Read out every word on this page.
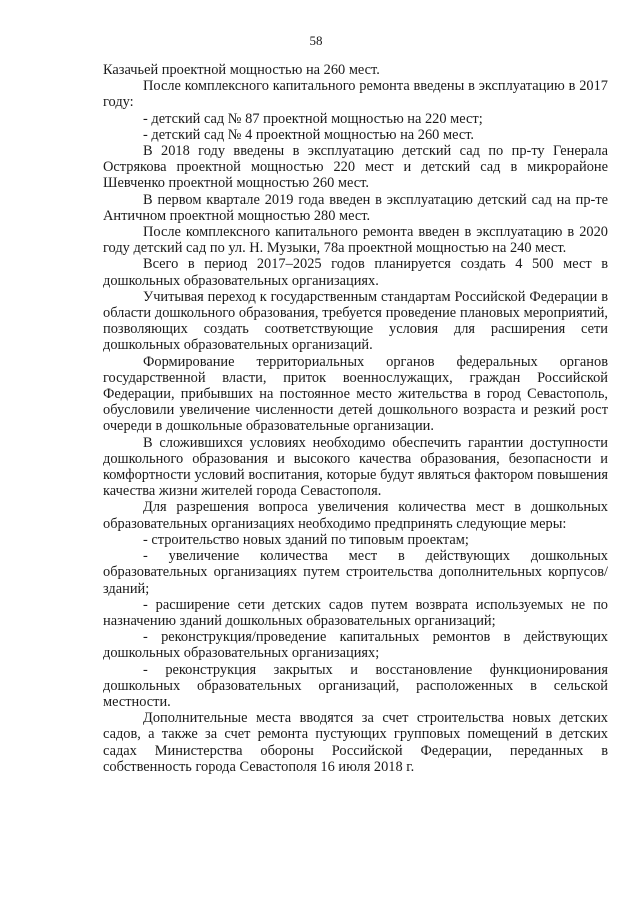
58

Казачьей проектной мощностью на 260 мест.

После комплексного капитального ремонта введены в эксплуатацию в 2017 году:

- детский сад № 87 проектной мощностью на 220 мест;

- детский сад № 4 проектной мощностью на 260 мест.

В 2018 году введены в эксплуатацию детский сад по пр-ту Генерала Острякова проектной мощностью 220 мест и детский сад в микрорайоне Шевченко проектной мощностью 260 мест.

В первом квартале 2019 года введен в эксплуатацию детский сад на пр-те Античном проектной мощностью 280 мест.

После комплексного капитального ремонта введен в эксплуатацию в 2020 году детский сад по ул. Н. Музыки, 78а проектной мощностью на 240 мест.

Всего в период 2017–2025 годов планируется создать 4 500 мест в дошкольных образовательных организациях.

Учитывая переход к государственным стандартам Российской Федерации в области дошкольного образования, требуется проведение плановых мероприятий, позволяющих создать соответствующие условия для расширения сети дошкольных образовательных организаций.

Формирование территориальных органов федеральных органов государственной власти, приток военнослужащих, граждан Российской Федерации, прибывших на постоянное место жительства в город Севастополь, обусловили увеличение численности детей дошкольного возраста и резкий рост очереди в дошкольные образовательные организации.

В сложившихся условиях необходимо обеспечить гарантии доступности дошкольного образования и высокого качества образования, безопасности и комфортности условий воспитания, которые будут являться фактором повышения качества жизни жителей города Севастополя.

Для разрешения вопроса увеличения количества мест в дошкольных образовательных организациях необходимо предпринять следующие меры:

- строительство новых зданий по типовым проектам;

- увеличение количества мест в действующих дошкольных образовательных организациях путем строительства дополнительных корпусов/зданий;

- расширение сети детских садов путем возврата используемых не по назначению зданий дошкольных образовательных организаций;

- реконструкция/проведение капитальных ремонтов в действующих дошкольных образовательных организациях;

- реконструкция закрытых и восстановление функционирования дошкольных образовательных организаций, расположенных в сельской местности.

Дополнительные места вводятся за счет строительства новых детских садов, а также за счет ремонта пустующих групповых помещений в детских садах Министерства обороны Российской Федерации, переданных в собственность города Севастополя 16 июля 2018 г.
